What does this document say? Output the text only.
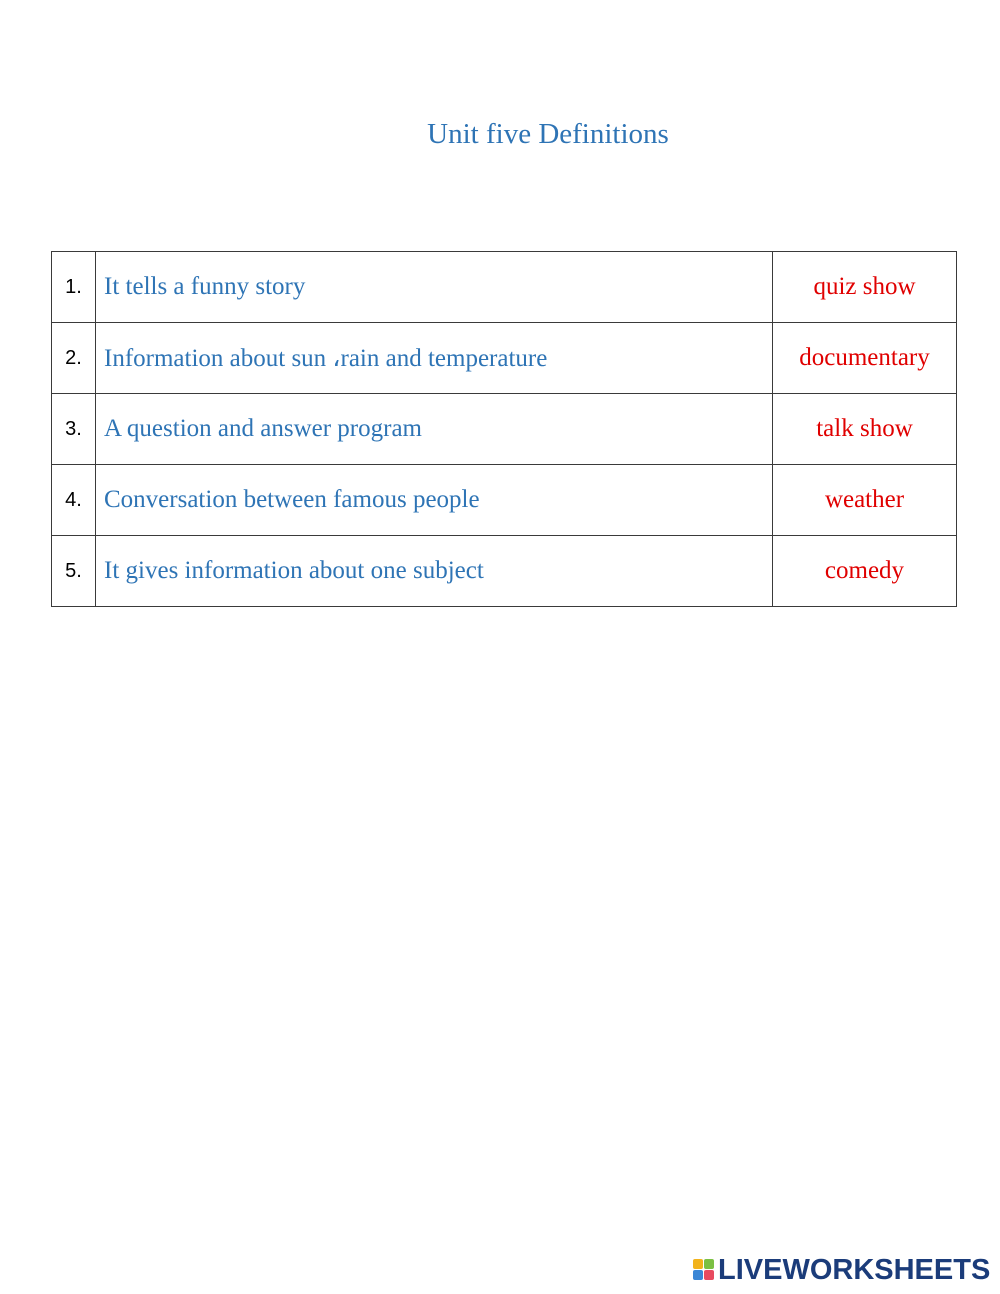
Unit five Definitions
1.	It tells a funny story	quiz show
2.	Information about sun ،rain and temperature	documentary
3.	A question and answer program	talk show
4.	Conversation between famous people	weather
5.	It gives information about one subject	comedy
LIVEWORKSHEETS
